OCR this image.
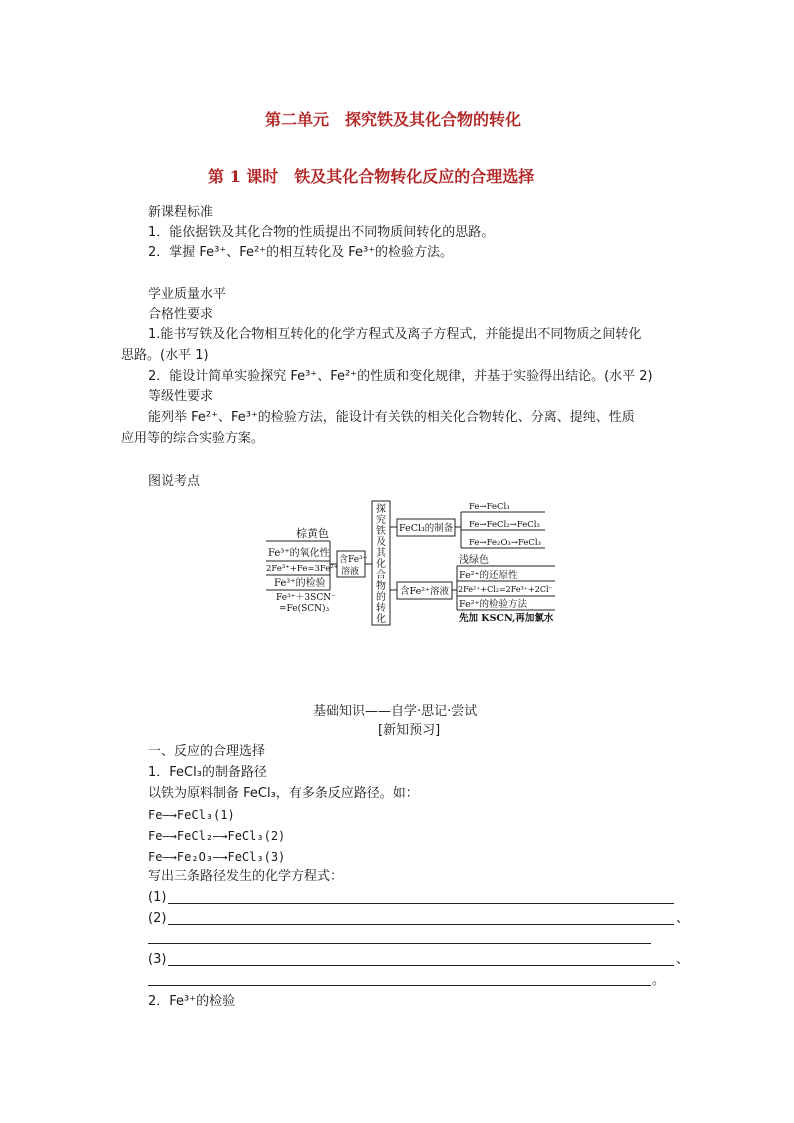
第二单元　探究铁及其化合物的转化
第 1 课时　铁及其化合物转化反应的合理选择
新课程标准
1．能依据铁及其化合物的性质提出不同物质间转化的思路。
2．掌握 Fe³⁺、Fe²⁺的相互转化及 Fe³⁺的检验方法。
学业质量水平
合格性要求
1.能书写铁及化合物相互转化的化学方程式及离子方程式，并能提出不同物质之间转化
思路。(水平 1)
2．能设计简单实验探究 Fe³⁺、Fe²⁺的性质和变化规律，并基于实验得出结论。(水平 2)
等级性要求
能列举 Fe²⁺、Fe³⁺的检验方法，能设计有关铁的相关化合物转化、分离、提纯、性质
应用等的综合实验方案。
图说考点
棕黄色
Fe³⁺的氧化性
2Fe³⁺+Fe=3Fe²⁺
Fe³⁺的检验
Fe³⁺＋3SCN⁻
=Fe(SCN)₃
含Fe³⁺
溶液
探
究
铁
及
其
化
合
物
的
转
化
FeCl₃的制备
Fe→FeCl₃
Fe→FeCl₂→FeCl₃
Fe→Fe₂O₃→FeCl₃
含Fe²⁺溶液
浅绿色
Fe²⁺的还原性
2Fe²⁺+Cl₂=2Fe³⁺+2Cl⁻
Fe²⁺的检验方法
先加 KSCN,再加氯水
基础知识——自学·思记·尝试
[新知预习]
一、反应的合理选择
1．FeCl₃的制备路径
以铁为原料制备 FeCl₃，有多条反应路径。如：
Fe—→FeCl₃(1)
Fe—→FeCl₂—→FeCl₃(2)
Fe—→Fe₂O₃—→FeCl₃(3)
写出三条路径发生的化学方程式：
(1)
(2)	、
(3)	、
。
2．Fe³⁺的检验
